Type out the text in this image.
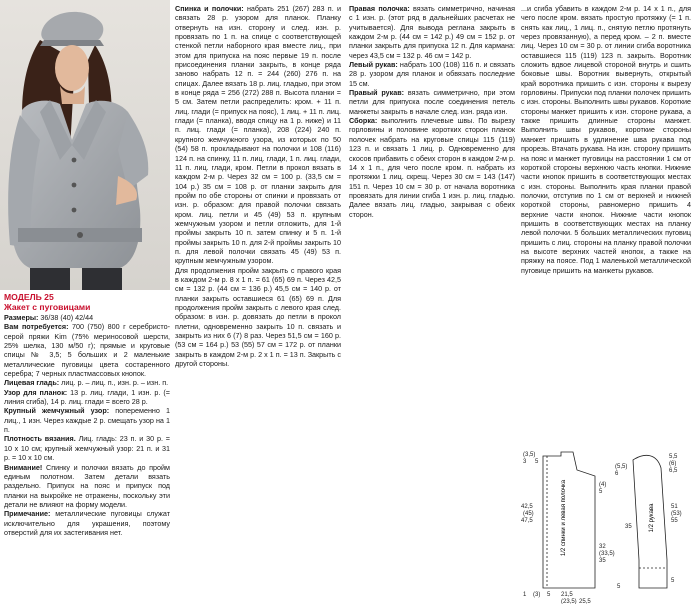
МОДЕЛЬ 25
Жакет с пуговицами

Размеры: 36/38 (40) 42/44

Вам потребуется: 700 (750) 800 г серебристо-серой пряжи Kim (75% мериносовой шерсти, 25% шелка, 130 м/50 г); прямые и круговые спицы № 3,5; 5 больших и 2 маленькие металлические пуговицы цвета состаренного серебра; 7 черных пластмассовых кнопок.

Лицевая гладь: лиц. р. – лиц. п., изн. р. – изн. п.

Узор для планок: 13 р. лиц. глади, 1 изн. р. (= линия сгиба), 14 р. лиц. глади = всего 28 р.

Крупный жемчужный узор: попеременно 1 лиц., 1 изн. Через каждые 2 р. смещать узор на 1 п.

Плотность вязания. Лиц. гладь: 23 п. и 30 р. = 10 х 10 см; крупный жемчужный узор: 21 п. и 31 р. = 10 х 10 см.

Внимание! Спинку и полочки вязать до пройм единым полотном. Затем детали вязать раздельно. Припуск на пояс и припуск под планки на выкройке не отражены, поскольку эти детали не влияют на форму модели.

Примечание: металлические пуговицы служат исключительно для украшения, поэтому отверстий для их застегивания нет.

Спинка и полочки: набрать 251 (267) 283 п. и связать 28 р. узором для планок. Планку отвернуть на изн. сторону и след. изн. р. провязать по 1 п. на спице с соответствующей стенкой петли наборного края вместе лиц., при этом для припуска на пояс первые 19 п. после присоединения планки закрыть, в конце ряда заново набрать 12 п. = 244 (260) 276 п. на спицах. Далее вязать 18 р. лиц. гладью, при этом в конце ряда = 256 (272) 288 п. Высота планки = 5 см. Затем петли распределить: кром. + 11 п. лиц. глади (= припуск на пояс), 1 лиц. + 11 п. лиц. глади (= планка), вводя спицу на 1 р. ниже) и 11 п. лиц. глади (= планка), 208 (224) 240 п. крупного жемчужного узора, из которых по 50 (54) 58 п. прокладывают на полочки и 108 (116) 124 п. на спинку, 11 п. лиц. глади, 1 п. лиц. глади, 11 п. лиц. глади, кром. Петли в прокол вязать в каждом 2-м р. Через 32 см = 100 р. (33,5 см = 104 р.) 35 см = 108 р. от планки закрыть для пройм по обе стороны от спинки и провязать от изн. р. образом: для правой полочки связать кром. лиц. петли и 45 (49) 53 п. крупным жемчужным узором и петли отложить, для 1-й проймы закрыть 10 п. затем спинку и 5 п. 1-й проймы закрыть 10 п. для 2-й проймы закрыть 10 п. для левой полочки связать 45 (49) 53 п. крупным жемчужным узором.

Для продолжения пройм закрыть с правого края в каждом 2-м р. 8 х 1 п. = 61 (65) 69 п. Через 42,5 см = 132 р. (44 см = 136 р.) 45,5 см = 140 р. от планки закрыть оставшиеся 61 (65) 69 п. Для продолжения пройм закрыть с левого края след. образом: в изн. р. довязать до петли в прокол плетни, одновременно закрыть 10 п. связать и закрыть из них 6 (7) 8 раз. Через 51,5 см = 160 р. (53 см = 164 р.) 53 (55) 57 см = 172 р. от планки закрыть в каждом 2-м р. 2 х 1 п. = 13 п. Закрыть с другой стороны.

Правая полочка: вязать симметрично, начиная с 1 изн. р. (этот ряд в дальнейших расчетах не учитывается). Для вывода реглана закрыть в каждом 2-м р. (44 см = 142 р.) 49 см = 152 р. от планки закрыть для припуска 12 п. Для кармана: через 43,5 см = 132 р. 46 см = 142 р.

Левый рукав: набрать 100 (108) 116 п. и связать 28 р. узором для планок и обвязать последние 15 см.

Правый рукав: вязать симметрично, при этом петли для припуска после соединения петель манжеты закрыть в начале след. изн. ряда изн.

Сборка: выполнить плечевые швы. По вырезу горловины и половине коротких сторон планок полочек набрать на круговые спицы 115 (119) 123 п. и связать 1 лиц. р. Одновременно для скосов прибавить с обеих сторон в каждом 2-м р. 14 х 1 п., для чего после кром. п. набрать из протяжки 1 лиц. скрещ. Через 30 см = 143 (147) 151 п. Через 10 см = 30 р. от начала воротника провязать для линии сгиба 1 изн. р. лиц. гладью. Далее вязать лиц. гладью, закрывая с обеих сторон.

...и сгиба убавить в каждом 2-м р. 14 х 1 п., для чего после кром. вязать простую протяжку (= 1 п. снять как лиц., 1 лиц. п., снятую петлю протянуть через провязанную), а перед кром. – 2 п. вместе лиц. Через 10 см = 30 р. от линии сгиба воротника оставшиеся 115 (119) 123 п. закрыть. Воротник сложить вдвое лицевой стороной внутрь и сшить боковые швы. Воротник вывернуть, открытый край воротника пришить с изн. стороны к вырезу горловины. Припуски под планки полочек пришить с изн. стороны. Выполнить швы рукавов. Короткие стороны манжет пришить к изн. стороне рукава, а также пришить длинные стороны манжет. Выполнить швы рукавов, короткие стороны манжет пришить в удлинение шва рукава под прорезь. Втачать рукава. На изн. сторону пришить на пояс и манжет пуговицы на расстоянии 1 см от короткой стороны верхнюю часть кнопки. Нижние части кнопок пришить в соответствующих местах с изн. стороны. Выполнить края планки правой полочки, отступив по 1 см от верхней и нижней короткой стороны, равномерно пришить 4 верхние части кнопок. Нижние части кнопок пришить в соответствующих местах на планку левой полочки. 5 больших металлических пуговиц пришить с лиц. стороны на планку правой полочки на высоте верхних частей кнопок, а также на пряжку на поясе. Под 1 маленькой металлической пуговице пришить на манжеты рукавов.

1/2 спинки и левая полочка	1/2 рукава
(3,5)
3 5
42,5
(45)
47,5
(4)
5
32
(33,5)
35
1 (3) 5 21,5
(23,5) 25,5
5
(5,5)
6
5,5
(6)
6,5
35
51
(53)
55
5
